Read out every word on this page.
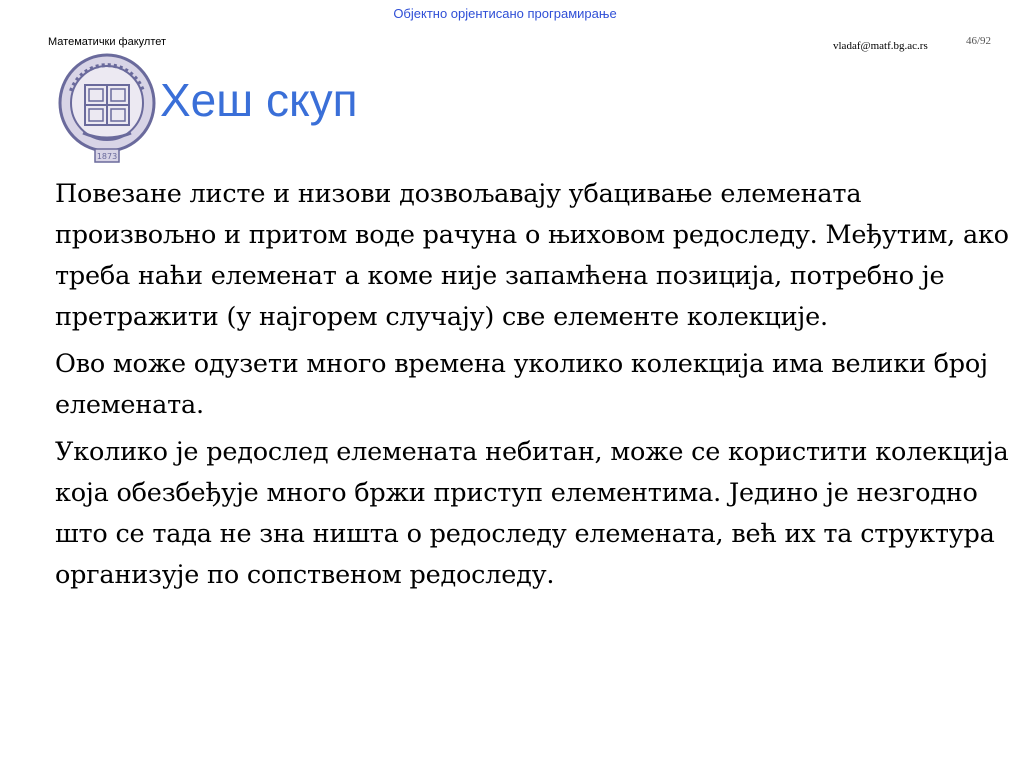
Објектно орјентисано програмирање
Математички факултет	vladaf@matf.bg.ac.rs	46/92
1873
Хеш скуп

Повезане листе и низови дозвољавају убацивање елемената произвољно и притом воде рачуна о њиховом редоследу. Међутим, ако треба наћи елеменат а коме није запамћена позиција, потребно је претражити (у најгорем случају) све елементе колекције.

Ово може одузети много времена уколико колекција има велики број елемената.

Уколико је редослед елемената небитан, може се користити колекција која обезбеђује много бржи приступ елементима. Једино је незгодно што се тада не зна ништа о редоследу елемената, већ их та структура организује по сопственом редоследу.
